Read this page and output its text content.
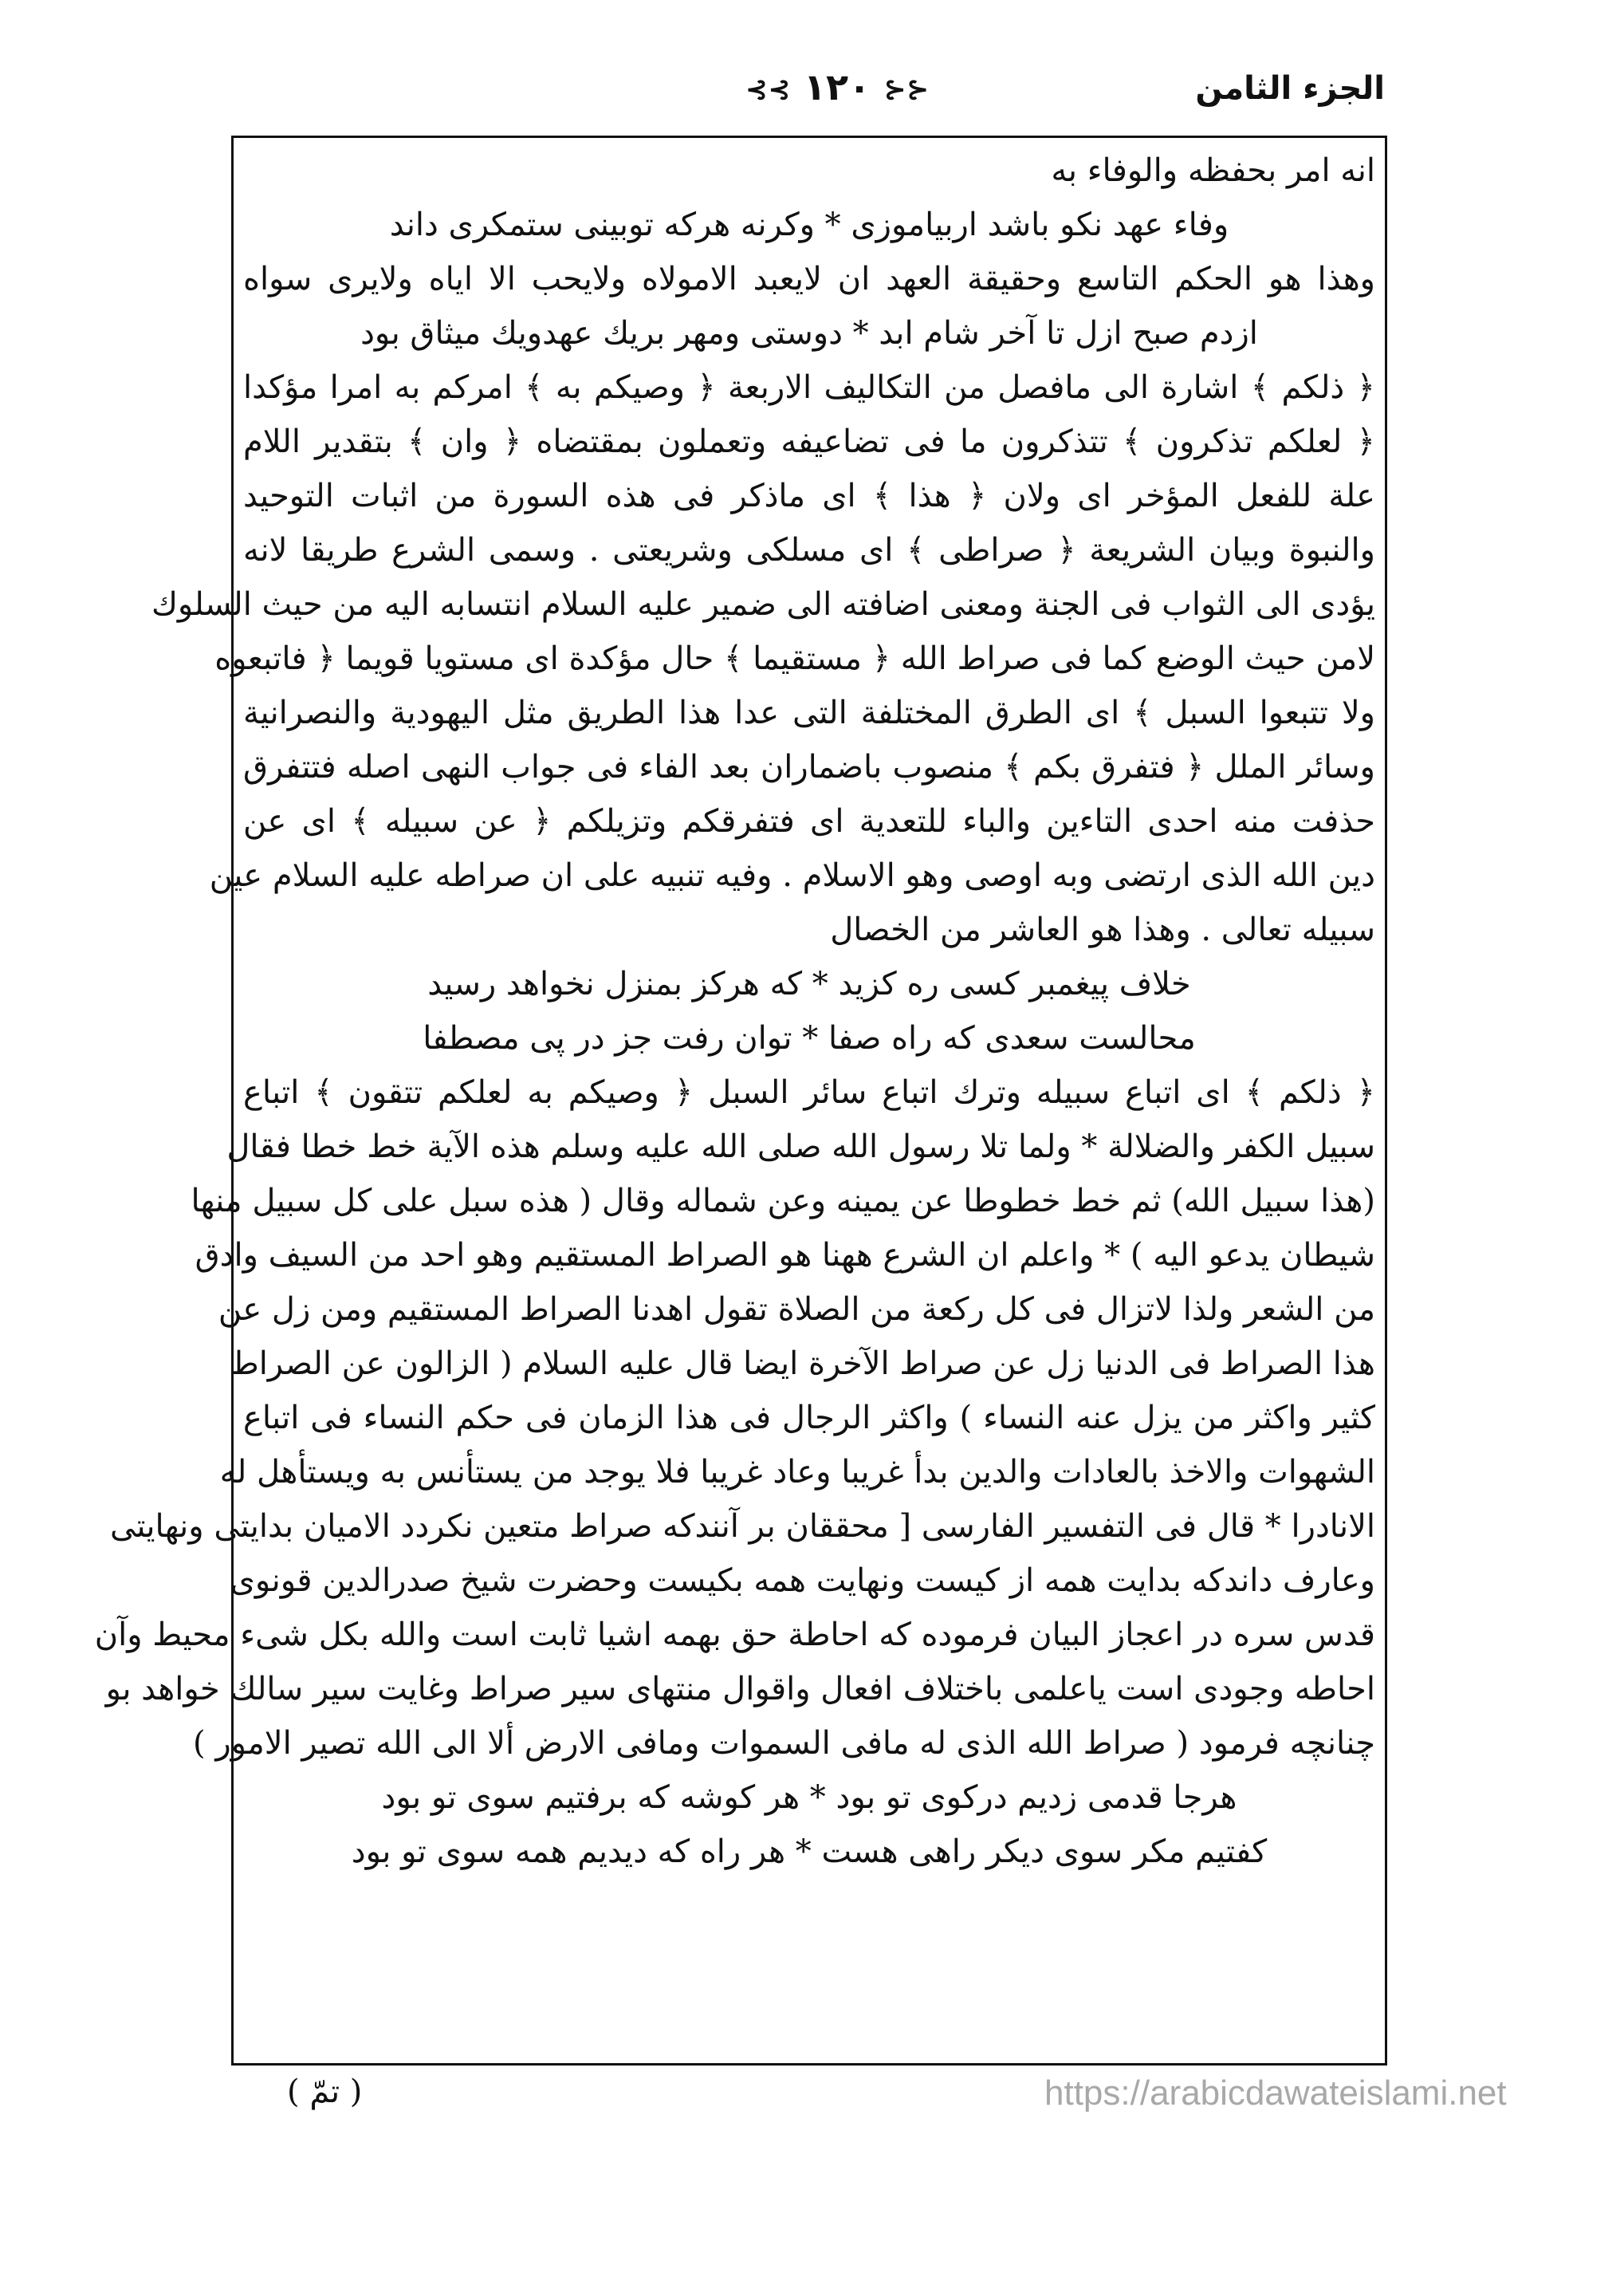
الجزء الثامن
⊰⊰ ١٢٠ ⊱⊱
انه امر بحفظه والوفاء به
وفاء عهد نكو باشد اربياموزى * وكرنه هركه توبينى ستمكرى داند
وهذا هو الحكم التاسع وحقيقة العهد ان لايعبد الامولاه ولايحب الا اياه ولايرى سواه
ازدم صبح ازل تا آخر شام ابد * دوستى ومهر بريك عهدويك ميثاق بود
﴿ ذلكم ﴾ اشارة الى مافصل من التكاليف الاربعة ﴿ وصيكم به ﴾ امركم به امرا مؤكدا
﴿ لعلكم تذكرون ﴾ تتذكرون ما فى تضاعيفه وتعملون بمقتضاه ﴿ وان ﴾ بتقدير اللام
علة للفعل المؤخر اى ولان ﴿ هذا ﴾ اى ماذكر فى هذه السورة من اثبات التوحيد
والنبوة وبيان الشريعة ﴿ صراطى ﴾ اى مسلكى وشريعتى . وسمى الشرع طريقا لانه
يؤدى الى الثواب فى الجنة ومعنى اضافته الى ضمير عليه السلام انتسابه اليه من حيث السلوك
لامن حيث الوضع كما فى صراط الله ﴿ مستقيما ﴾ حال مؤكدة اى مستويا قويما ﴿ فاتبعوه
ولا تتبعوا السبل ﴾ اى الطرق المختلفة التى عدا هذا الطريق مثل اليهودية والنصرانية
وسائر الملل ﴿ فتفرق بكم ﴾ منصوب باضماران بعد الفاء فى جواب النهى اصله فتتفرق
حذفت منه احدى التاءين والباء للتعدية اى فتفرقكم وتزيلكم ﴿ عن سبيله ﴾ اى عن
دين الله الذى ارتضى وبه اوصى وهو الاسلام . وفيه تنبيه على ان صراطه عليه السلام عين
سبيله تعالى . وهذا هو العاشر من الخصال
خلاف پيغمبر كسى ره كزيد * كه هركز بمنزل نخواهد رسيد
محالست سعدى كه راه صفا * توان رفت جز در پى مصطفا
﴿ ذلكم ﴾ اى اتباع سبيله وترك اتباع سائر السبل ﴿ وصيكم به لعلكم تتقون ﴾ اتباع
سبيل الكفر والضلالة * ولما تلا رسول الله صلى الله عليه وسلم هذه الآية خط خطا فقال
(هذا سبيل الله) ثم خط خطوطا عن يمينه وعن شماله وقال ( هذه سبل على كل سبيل منها
شيطان يدعو اليه ) * واعلم ان الشرع ههنا هو الصراط المستقيم وهو احد من السيف وادق
من الشعر ولذا لاتزال فى كل ركعة من الصلاة تقول اهدنا الصراط المستقيم ومن زل عن
هذا الصراط فى الدنيا زل عن صراط الآخرة ايضا قال عليه السلام ( الزالون عن الصراط
كثير واكثر من يزل عنه النساء ) واكثر الرجال فى هذا الزمان فى حكم النساء فى اتباع
الشهوات والاخذ بالعادات والدين بدأ غريبا وعاد غريبا فلا يوجد من يستأنس به ويستأهل له
الانادرا * قال فى التفسير الفارسى [ محققان بر آنندكه صراط متعين نكردد الاميان بدايتى ونهايتى
وعارف داندكه بدايت همه از كيست ونهايت همه بكيست وحضرت شيخ صدرالدين قونوى
قدس سره در اعجاز البيان فرموده كه احاطة حق بهمه اشيا ثابت است والله بكل شىء محيط وآن
احاطه وجودى است ياعلمى باختلاف افعال واقوال منتهاى سير صراط وغايت سير سالك خواهد بو
چنانچه فرمود ( صراط الله الذى له مافى السموات ومافى الارض ألا الى الله تصير الامور )
هرجا قدمى زديم دركوى تو بود * هر كوشه كه برفتيم سوى تو بود
كفتيم مكر سوى ديكر راهى هست * هر راه كه ديديم همه سوى تو بود
( تمّ )	https://arabicdawateislami.net
